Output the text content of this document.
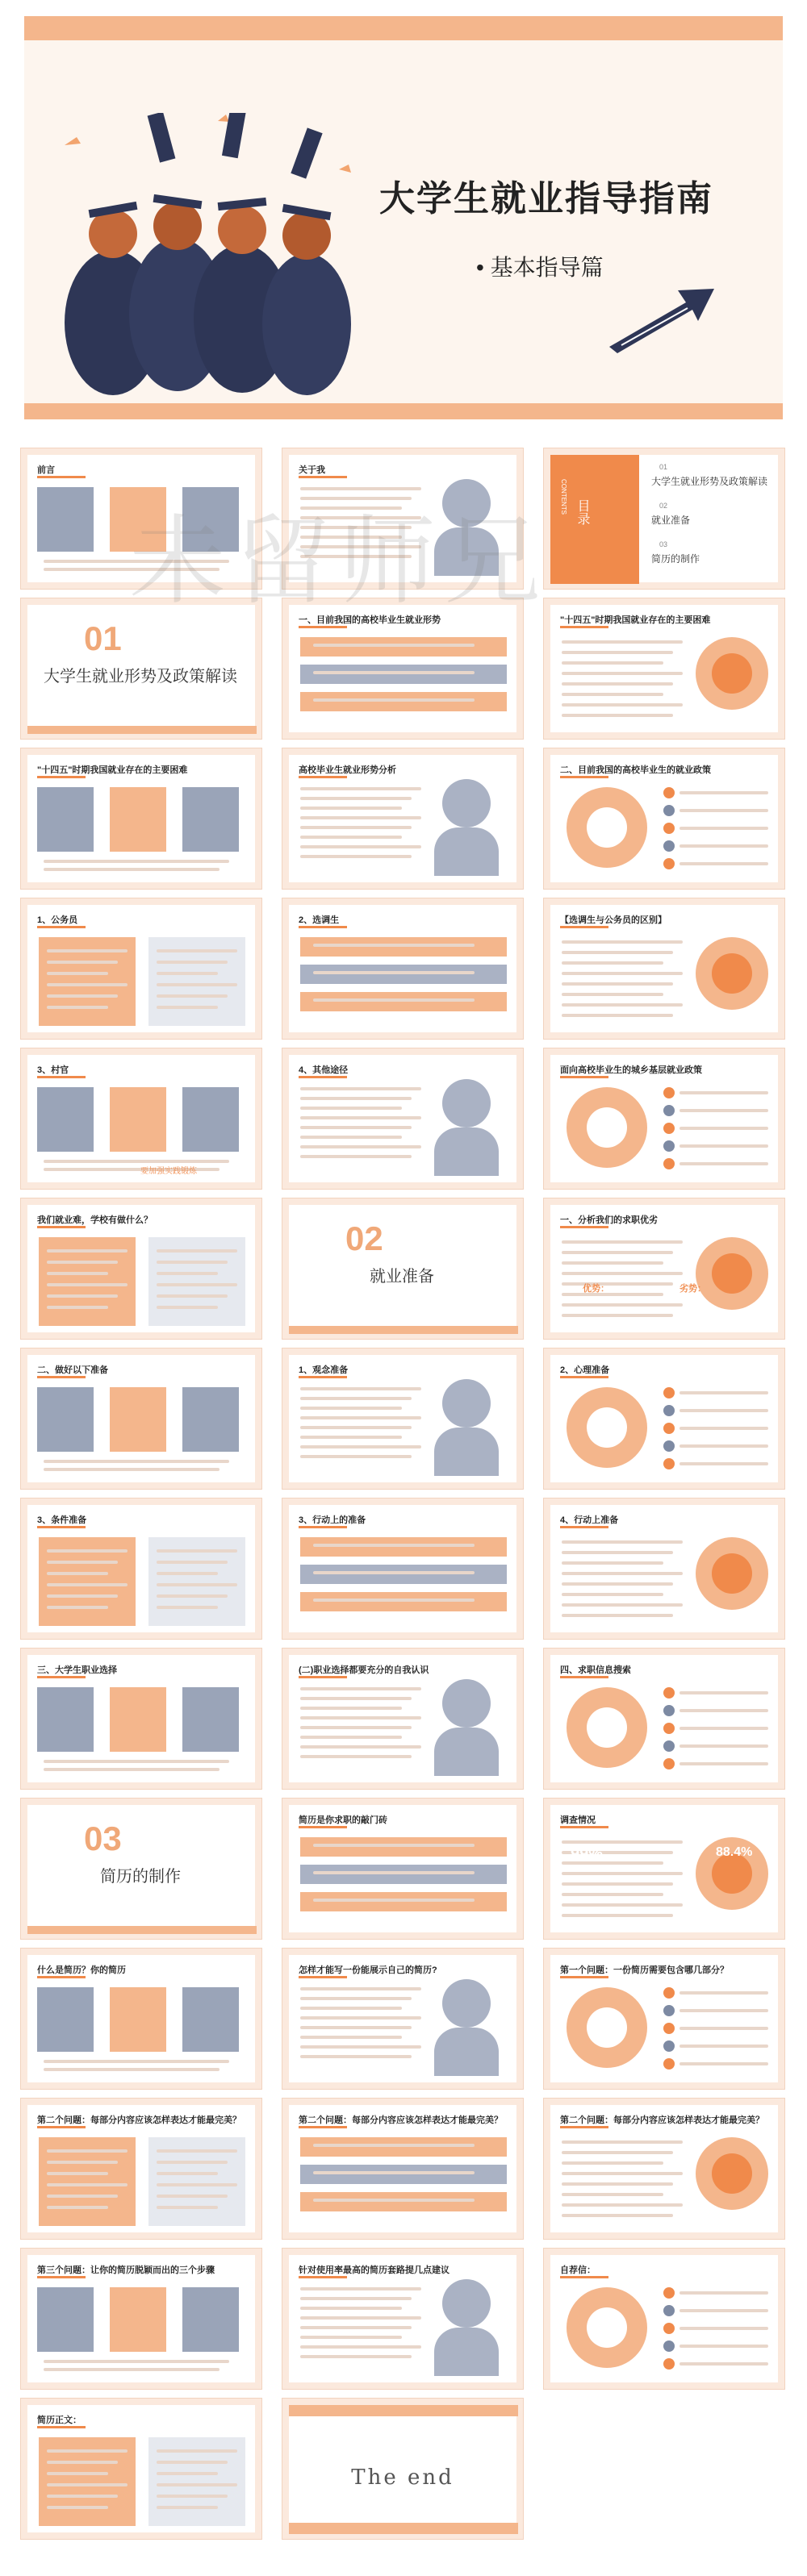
大学生就业指导指南
• 基本指导篇
前言	关于我
目录
CONTENTS
01
大学生就业形势及政策解读
02
就业准备
03
简历的制作
01
大学生就业形势及政策解读
一、目前我国的高校毕业生就业形势	"十四五"时期我国就业存在的主要困难
"十四五"时期我国就业存在的主要困难	高校毕业生就业形势分析	二、目前我国的高校毕业生的就业政策
1、公务员	2、选调生	【选调生与公务员的区别】
3、村官
要加强实践锻炼
4、其他途径	面向高校毕业生的城乡基层就业政策
我们就业难，学校有做什么？	02
就业准备
一、分析我们的求职优劣
优势：	劣势：
二、做好以下准备	1、观念准备	2、心理准备
3、条件准备	3、行动上的准备	4、行动上准备
三、大学生职业选择	(二)职业选择都要充分的自我认识	四、求职信息搜索
03
简历的制作
简历是你求职的敲门砖	调查情况
99%	88.4%
什么是简历？你的简历	怎样才能写一份能展示自己的简历?	第一个问题：一份简历需要包含哪几部分？
第二个问题：每部分内容应该怎样表达才能最完美？	第二个问题：每部分内容应该怎样表达才能最完美？	第二个问题：每部分内容应该怎样表达才能最完美？
第三个问题：让你的简历脱颖而出的三个步骤	针对使用率最高的简历套路提几点建议	自荐信：
简历正文：
The end
